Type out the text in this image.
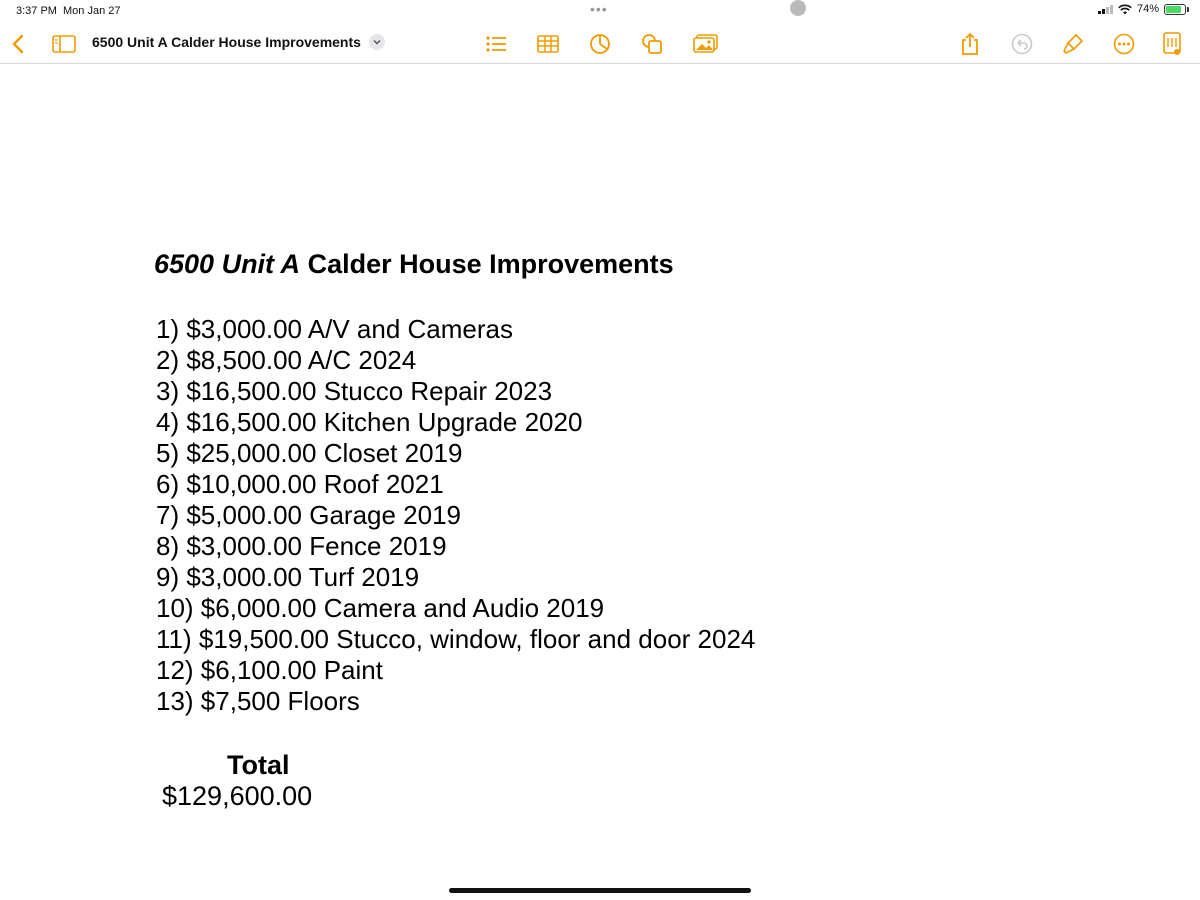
3:37 PM Mon Jan 27	•••	74%
6500 Unit A Calder House Improvements
6500 Unit A Calder House Improvements
1) $3,000.00 A/V and Cameras
2) $8,500.00 A/C 2024
3) $16,500.00 Stucco Repair 2023
4) $16,500.00 Kitchen Upgrade 2020
5) $25,000.00 Closet 2019
6) $10,000.00 Roof 2021
7) $5,000.00 Garage 2019
8) $3,000.00 Fence 2019
9) $3,000.00 Turf 2019
10) $6,000.00 Camera and Audio 2019
11) $19,500.00 Stucco, window, floor and door 2024
12) $6,100.00 Paint
13) $7,500 Floors
Total
$129,600.00
